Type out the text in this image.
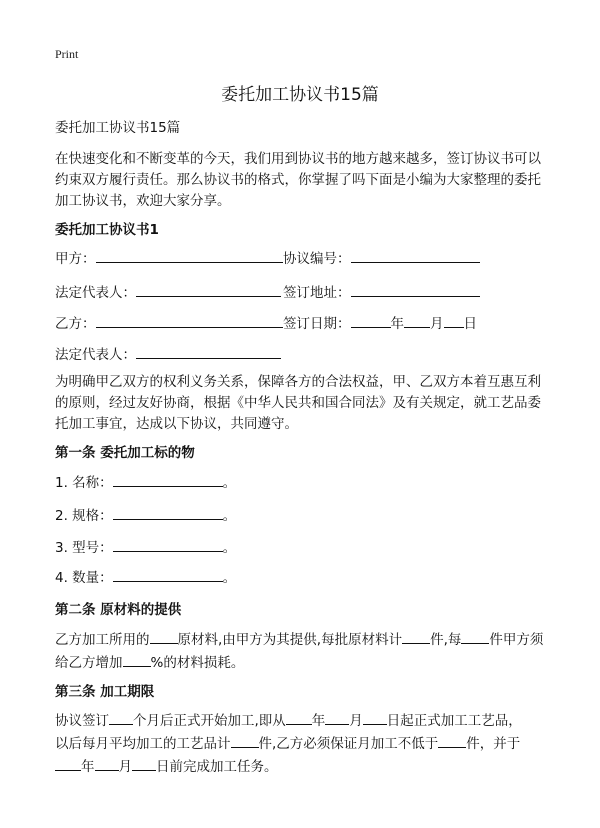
Print
委托加工协议书15篇
委托加工协议书15篇
在快速变化和不断变革的今天，我们用到协议书的地方越来越多，签订协议书可以
约束双方履行责任。那么协议书的格式，你掌握了吗下面是小编为大家整理的委托
加工协议书，欢迎大家分享。
委托加工协议书1
甲方：	协议编号：
法定代表人：	签订地址：
乙方：	签订日期：	年 月 日
法定代表人：
为明确甲乙双方的权利义务关系，保障各方的合法权益，甲、乙双方本着互惠互利
的原则，经过友好协商，根据《中华人民共和国合同法》及有关规定，就工艺品委
托加工事宜，达成以下协议，共同遵守。
第一条 委托加工标的物
1. 名称：	。
2. 规格：	。
3. 型号：	。
4. 数量：	。
第二条 原材料的提供
乙方加工所用的 原材料,由甲方为其提供,每批原材料计 件,每 件甲方须
给乙方增加 %的材料损耗。
第三条 加工期限
协议签订 个月后正式开始加工,即从 年 月 日起正式加工工艺品，
以后每月平均加工的工艺品计 件,乙方必须保证月加工不低于 件，并于
年 月 日前完成加工任务。
